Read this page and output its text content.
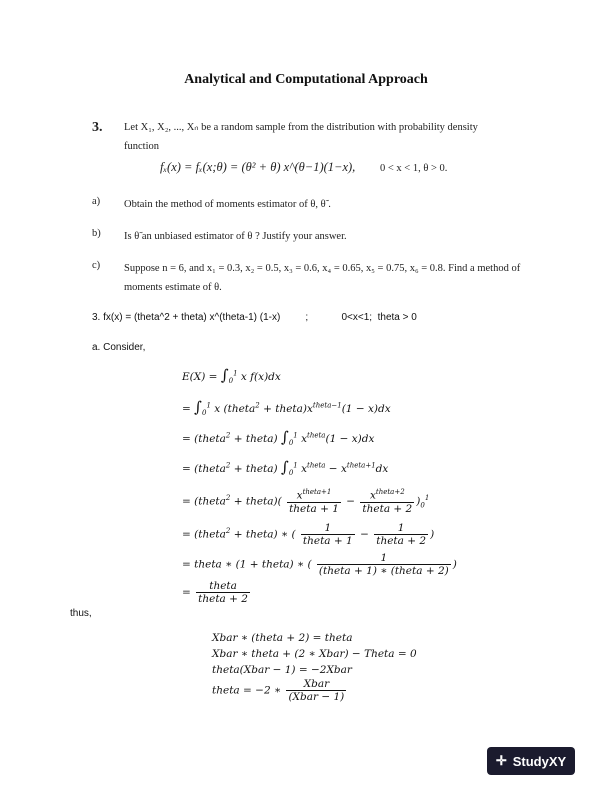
Analytical and Computational Approach
3. Let X₁, X₂, ..., Xₙ be a random sample from the distribution with probability density function
fₓ(x) = fₓ(x;θ) = (θ² + θ) x^(θ−1)(1−x), 0 < x < 1, θ > 0.
a) Obtain the method of moments estimator of θ, θ̃ .
b) Is θ̃ an unbiased estimator of θ ? Justify your answer.
c) Suppose n = 6, and x₁ = 0.3, x₂ = 0.5, x₃ = 0.6, x₄ = 0.65, x₅ = 0.75, x₆ = 0.8. Find a method of moments estimate of θ.
3. fx(x) = (theta^2 + theta) x^(theta-1) (1-x)         ;            0<x<1;  theta > 0
a. Consider,
$E(X) = \int_0^1$ x f(x)dx
= $\int_0^1$ x (theta$^2$ + $theta)x^{theta-1}(1 - x)dx$
= (theta$^2$ + theta) $\int_0^1$ $x^{theta}(1 - x)dx$
= (theta$^2$ + theta) $\int_0^1$ $x^{theta} - x^{theta+1}dx$
= (theta$^2$ + theta)( $\frac{x^{theta+1}}{\text{theta + 1}} - \frac{x^{theta+2}}{\text{theta + 2}} )_0^1$
= (theta$^2$ + theta) ∗ ( $\frac{1}{\text{theta + 1}} - \frac{1}{\text{theta + 2}}$ )
= theta ∗ (1 + theta) ∗ ( $\frac{1}{\text{(theta + 1) ∗ (theta + 2)}}$ )
= $\frac{\text{theta}}{\text{theta + 2}}$
thus,
Xbar ∗ (theta + 2) = theta
Xbar ∗ theta + (2 ∗ Xbar) − Theta = 0
theta(Xbar − 1) = −2Xbar
theta = −2 ∗ $\frac{\text{Xbar}}{\text{(Xbar − 1)}}$
✛ StudyXY
